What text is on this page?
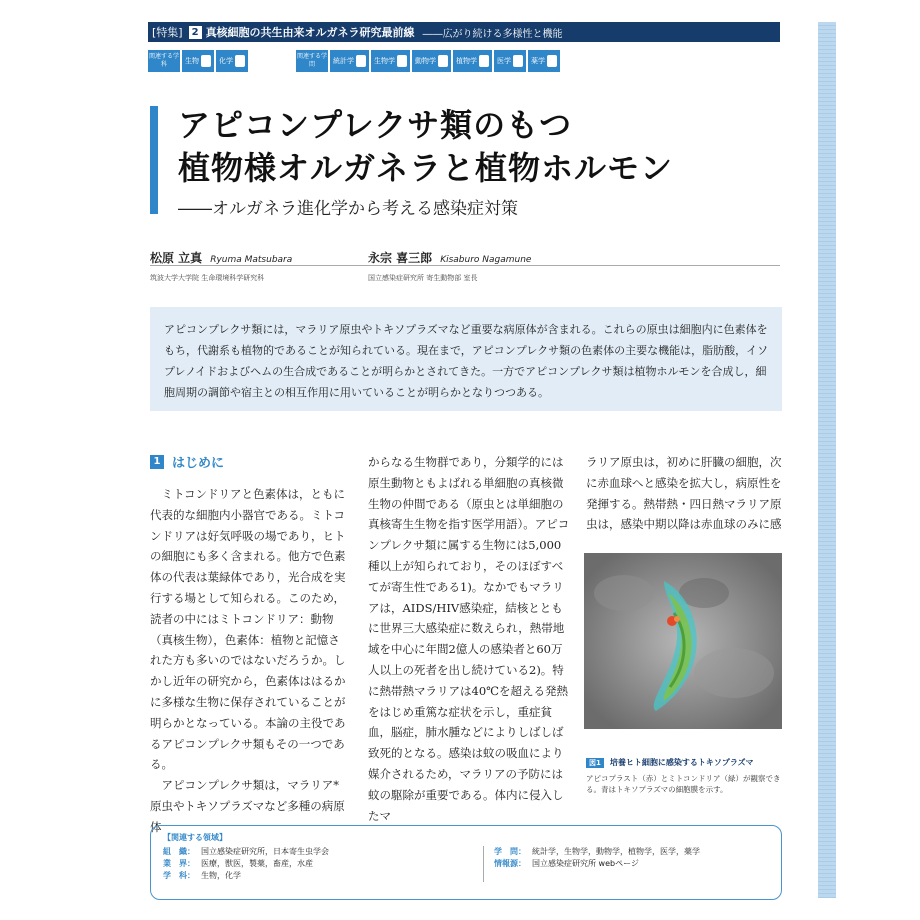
[特集] 2 真核細胞の共生由来オルガネラ研究最前線 ――広がり続ける多様性と機能
関連する学科	生物	化学
関連する学問	統計学	生物学	動物学	植物学	医学	薬学
アピコンプレクサ類のもつ
植物様オルガネラと植物ホルモン
――オルガネラ進化学から考える感染症対策
松原 立真 Ryuma Matsubara
筑波大学大学院 生命環境科学研究科
永宗 喜三郎 Kisaburo Nagamune
国立感染症研究所 寄生動物部 室長
アピコンプレクサ類には，マラリア原虫やトキソプラズマなど重要な病原体が含まれる。これらの原虫は細胞内に色素体をもち，代謝系も植物的であることが知られている。現在まで，アピコンプレクサ類の色素体の主要な機能は，脂肪酸，イソプレノイドおよびヘムの生合成であることが明らかとされてきた。一方でアピコンプレクサ類は植物ホルモンを合成し，細胞周期の調節や宿主との相互作用に用いていることが明らかとなりつつある。
1 はじめに

ミトコンドリアと色素体は，ともに代表的な細胞内小器官である。ミトコンドリアは好気呼吸の場であり，ヒトの細胞にも多く含まれる。他方で色素体の代表は葉緑体であり，光合成を実行する場として知られる。このため，読者の中にはミトコンドリア：動物（真核生物），色素体：植物と記憶された方も多いのではないだろうか。しかし近年の研究から，色素体ははるかに多様な生物に保存されていることが明らかとなっている。本論の主役であるアピコンプレクサ類もその一つである。

アピコンプレクサ類は，マラリア*原虫やトキソプラズマなど多種の病原体

からなる生物群であり，分類学的には原生動物ともよばれる単細胞の真核微生物の仲間である（原虫とは単細胞の真核寄生生物を指す医学用語）。アピコンプレクサ類に属する生物には5,000種以上が知られており，そのほぼすべてが寄生性である1)。なかでもマラリアは，AIDS/HIV感染症，結核とともに世界三大感染症に数えられ，熱帯地域を中心に年間2億人の感染者と60万人以上の死者を出し続けている2)。特に熱帯熱マラリアは40℃を超える発熱をはじめ重篤な症状を示し，重症貧血，脳症，肺水腫などによりしばしば致死的となる。感染は蚊の吸血により媒介されるため，マラリアの予防には蚊の駆除が重要である。体内に侵入したマ

ラリア原虫は，初めに肝臓の細胞，次に赤血球へと感染を拡大し，病原性を発揮する。熱帯熱・四日熱マラリア原虫は，感染中期以降は赤血球のみに感

図1	培養ヒト細胞に感染するトキソプラズマ
アピコプラスト（赤）とミトコンドリア（緑）が観察できる。青はトキソプラズマの細胞膜を示す。
【関連する領域】
組　織： 国立感染症研究所，日本寄生虫学会
業　界： 医療，獣医，製薬，畜産，水産
学　科： 生物，化学
学　問： 統計学，生物学，動物学，植物学，医学，薬学
情報源： 国立感染症研究所 webページ
